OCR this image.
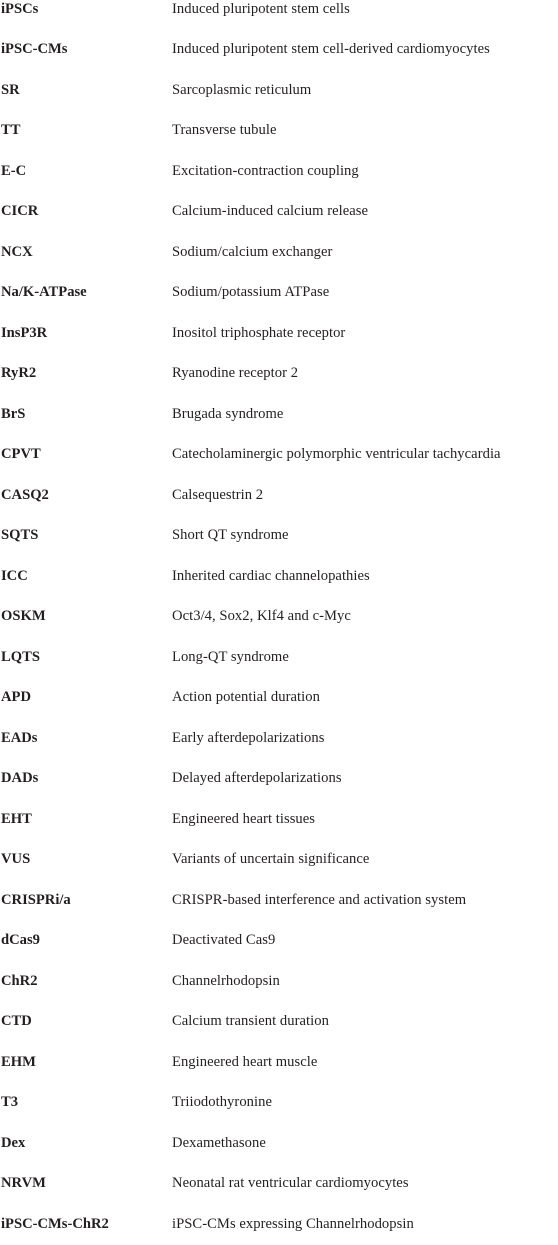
iPSCs	Induced pluripotent stem cells
iPSC-CMs	Induced pluripotent stem cell-derived cardiomyocytes
SR	Sarcoplasmic reticulum
TT	Transverse tubule
E-C	Excitation-contraction coupling
CICR	Calcium-induced calcium release
NCX	Sodium/calcium exchanger
Na/K-ATPase	Sodium/potassium ATPase
InsP3R	Inositol triphosphate receptor
RyR2	Ryanodine receptor 2
BrS	Brugada syndrome
CPVT	Catecholaminergic polymorphic ventricular tachycardia
CASQ2	Calsequestrin 2
SQTS	Short QT syndrome
ICC	Inherited cardiac channelopathies
OSKM	Oct3/4, Sox2, Klf4 and c-Myc
LQTS	Long-QT syndrome
APD	Action potential duration
EADs	Early afterdepolarizations
DADs	Delayed afterdepolarizations
EHT	Engineered heart tissues
VUS	Variants of uncertain significance
CRISPRi/a	CRISPR-based interference and activation system
dCas9	Deactivated Cas9
ChR2	Channelrhodopsin
CTD	Calcium transient duration
EHM	Engineered heart muscle
T3	Triiodothyronine
Dex	Dexamethasone
NRVM	Neonatal rat ventricular cardiomyocytes
iPSC-CMs-ChR2	iPSC-CMs expressing Channelrhodopsin
